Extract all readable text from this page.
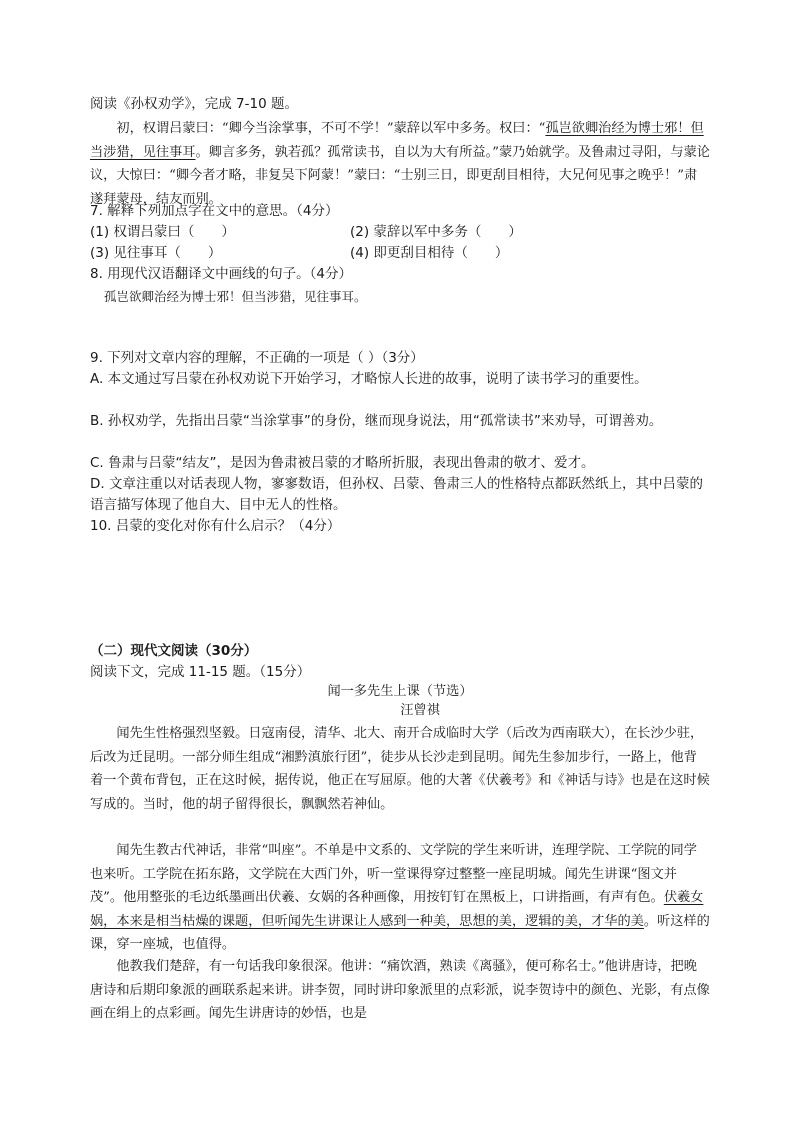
阅读《孙权劝学》，完成 7-10 题。

初，权谓吕蒙曰：“卿今当涂掌事，不可不学！”蒙辞以军中多务。权曰：“孤岂欲卿治经为博士邪！但当涉猎，见往事耳。卿言多务，孰若孤？孤常读书，自以为大有所益。”蒙乃始就学。及鲁肃过寻阳，与蒙论议，大惊曰：“卿今者才略，非复吴下阿蒙！”蒙曰：“士别三日，即更刮目相待，大兄何见事之晚乎！”肃遂拜蒙母，结友而别。

7. 解释下列加点字在文中的意思。（4分）

(1) 权谓吕蒙曰（　　）	(2) 蒙辞以军中多务（　　）
(3) 见往事耳（　　）	(4) 即更刮目相待（　　）

8. 用现代汉语翻译文中画线的句子。（4分）

孤岂欲卿治经为博士邪！但当涉猎，见往事耳。

9. 下列对文章内容的理解，不正确的一项是（ ）（3分）

A. 本文通过写吕蒙在孙权劝说下开始学习，才略惊人长进的故事，说明了读书学习的重要性。

B. 孙权劝学，先指出吕蒙“当涂掌事”的身份，继而现身说法，用“孤常读书”来劝导，可谓善劝。

C. 鲁肃与吕蒙“结友”，是因为鲁肃被吕蒙的才略所折服，表现出鲁肃的敬才、爱才。

D. 文章注重以对话表现人物，寥寥数语，但孙权、吕蒙、鲁肃三人的性格特点都跃然纸上，其中吕蒙的语言描写体现了他自大、目中无人的性格。

10. 吕蒙的变化对你有什么启示？（4分）

（二）现代文阅读（30分）

阅读下文，完成 11-15 题。（15分）

闻一多先生上课（节选）

汪曾祺

闻先生性格强烈坚毅。日寇南侵，清华、北大、南开合成临时大学（后改为西南联大），在长沙少驻，后改为迁昆明。一部分师生组成“湘黔滇旅行团”，徒步从长沙走到昆明。闻先生参加步行，一路上，他背着一个黄布背包，正在这时候，据传说，他正在写屈原。他的大著《伏羲考》和《神话与诗》也是在这时候写成的。当时，他的胡子留得很长，飘飘然若神仙。

闻先生教古代神话，非常“叫座”。不单是中文系的、文学院的学生来听讲，连理学院、工学院的同学也来听。工学院在拓东路，文学院在大西门外，听一堂课得穿过整整一座昆明城。闻先生讲课“图文并茂”。他用整张的毛边纸墨画出伏羲、女娲的各种画像，用按钉钉在黑板上，口讲指画，有声有色。伏羲女娲，本来是相当枯燥的课题，但听闻先生讲课让人感到一种美，思想的美，逻辑的美，才华的美。听这样的课，穿一座城，也值得。

他教我们楚辞，有一句话我印象很深。他讲：“痛饮酒，熟读《离骚》，便可称名士。”他讲唐诗，把晚唐诗和后期印象派的画联系起来讲。讲李贺，同时讲印象派里的点彩派，说李贺诗中的颜色、光影，有点像画在绢上的点彩画。闻先生讲唐诗的妙悟，也是
